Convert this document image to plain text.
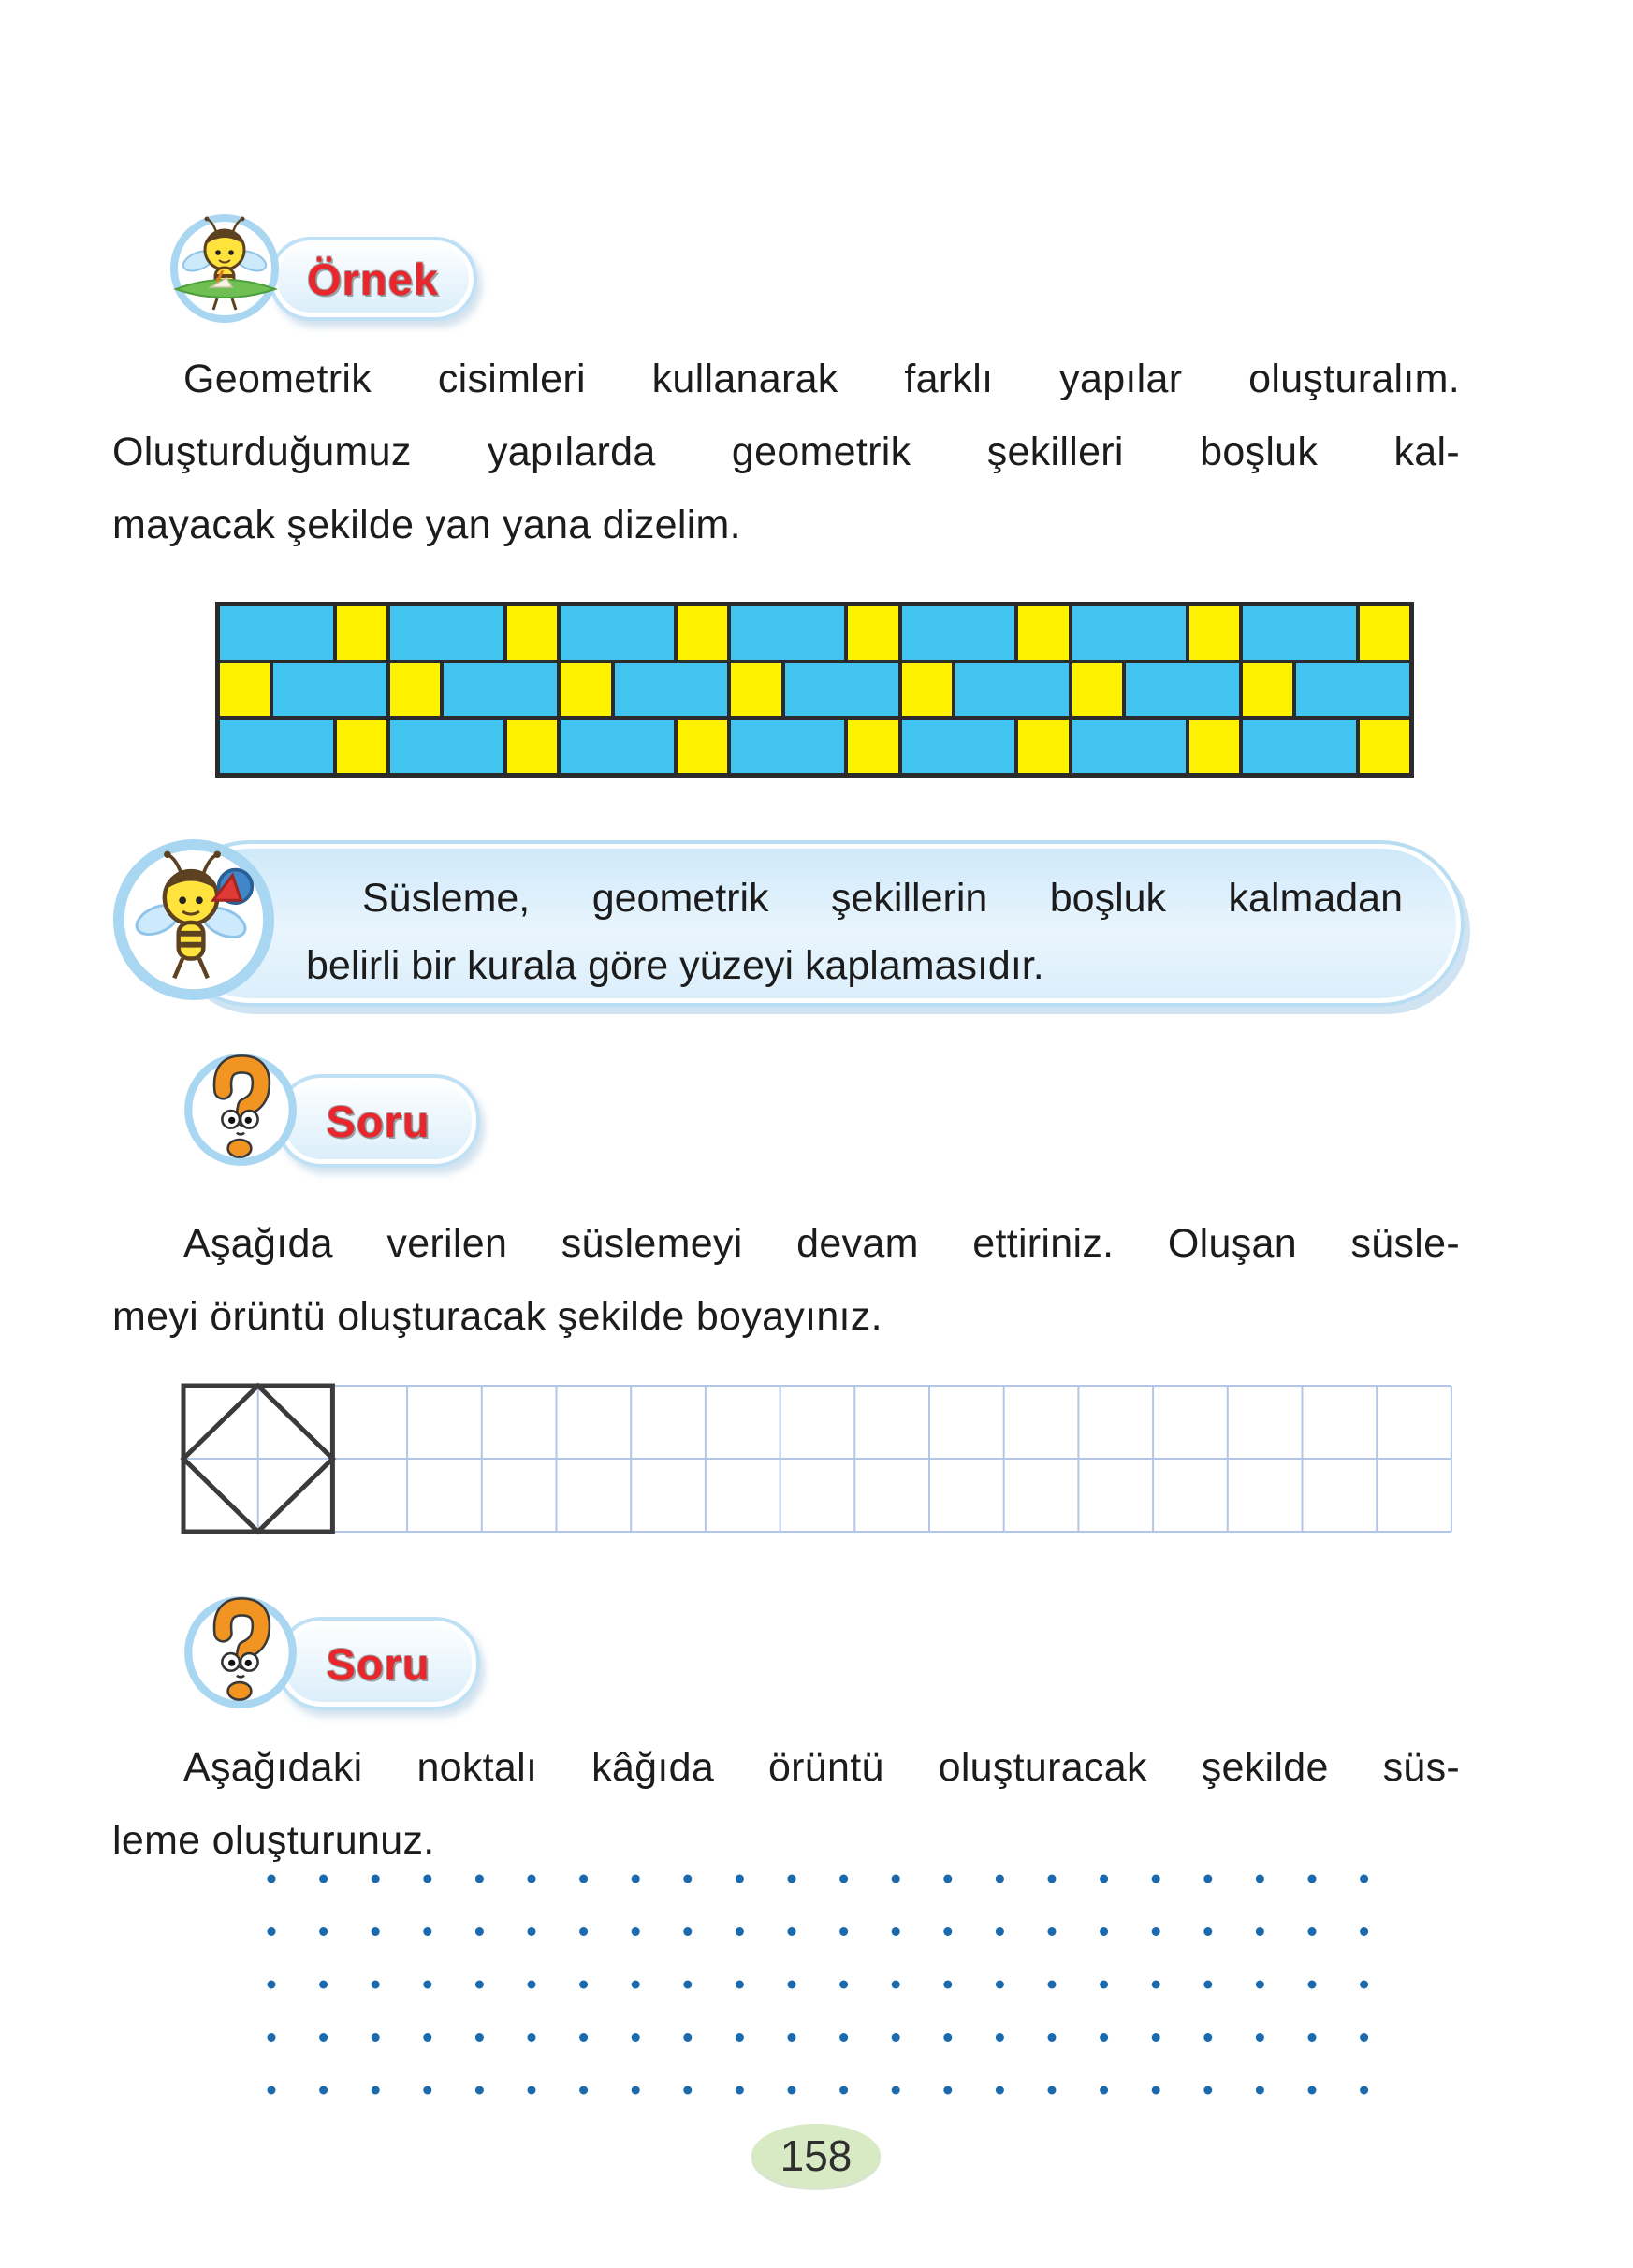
Örnek
Geometrik cisimleri kullanarak farklı yapılar oluşturalım.
Oluşturduğumuz yapılarda geometrik şekilleri boşluk kal-
mayacak şekilde yan yana dizelim.
Süsleme, geometrik şekillerin boşluk kalmadan
belirli bir kurala göre yüzeyi kaplamasıdır.
Soru
Aşağıda verilen süslemeyi devam ettiriniz. Oluşan süsle-
meyi örüntü oluşturacak şekilde boyayınız.
Soru
Aşağıdaki noktalı kâğıda örüntü oluşturacak şekilde süs-
leme oluşturunuz.
158
